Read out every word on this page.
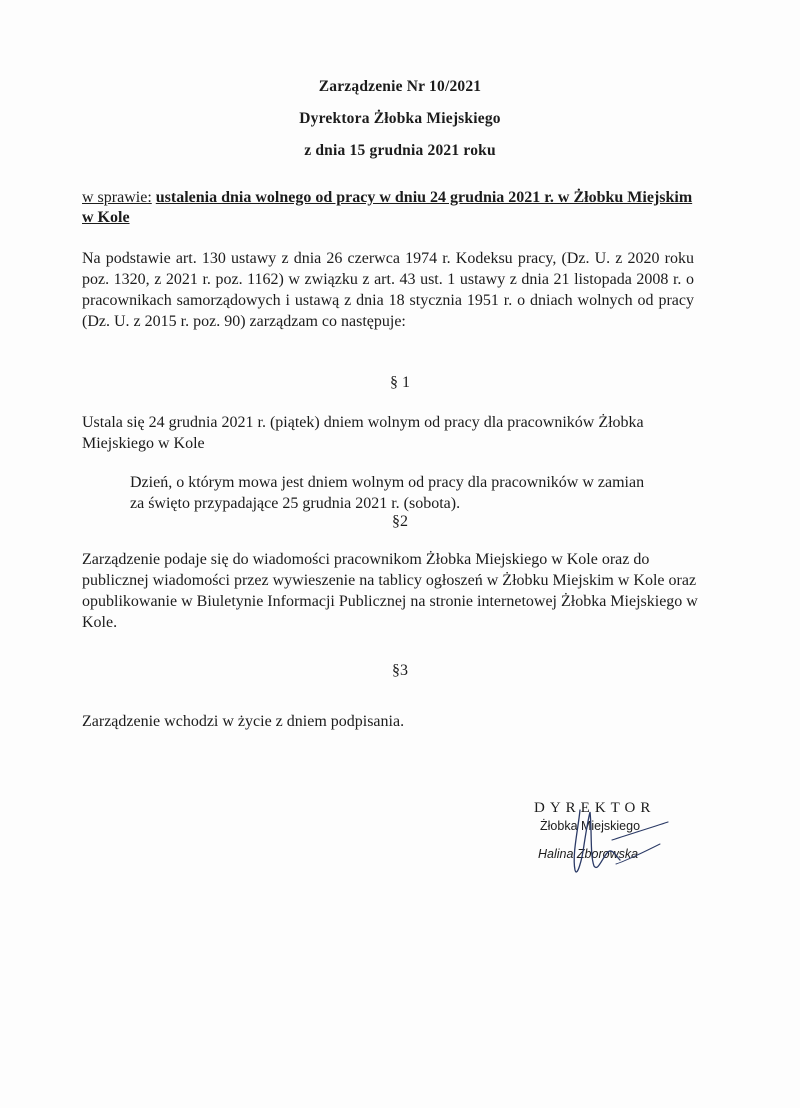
Zarządzenie Nr 10/2021
Dyrektora Żłobka Miejskiego
z dnia 15 grudnia 2021 roku
w sprawie: ustalenia dnia wolnego od pracy w dniu 24 grudnia 2021 r. w Żłobku Miejskim w Kole
Na podstawie art. 130 ustawy z dnia 26 czerwca 1974 r. Kodeksu pracy, (Dz. U. z 2020 roku poz. 1320, z 2021 r. poz. 1162) w związku z art. 43 ust. 1 ustawy z dnia 21 listopada 2008 r. o pracownikach samorządowych i ustawą z dnia 18 stycznia 1951 r. o dniach wolnych od pracy (Dz. U. z 2015 r. poz. 90) zarządzam co następuje:
§ 1
Ustala się 24 grudnia 2021 r. (piątek) dniem wolnym od pracy dla pracowników Żłobka Miejskiego w Kole
Dzień, o którym mowa jest dniem wolnym od pracy dla pracowników w zamian za święto przypadające 25 grudnia 2021 r. (sobota).
§2
Zarządzenie podaje się do wiadomości pracownikom Żłobka Miejskiego w Kole oraz do publicznej wiadomości przez wywieszenie na tablicy ogłoszeń w Żłobku Miejskim w Kole oraz opublikowanie w Biuletynie Informacji Publicznej na stronie internetowej Żłobka Miejskiego w Kole.
§3
Zarządzenie wchodzi w życie z dniem podpisania.
DYREKTOR
Żłobka Miejskiego
Halina Zborowska
